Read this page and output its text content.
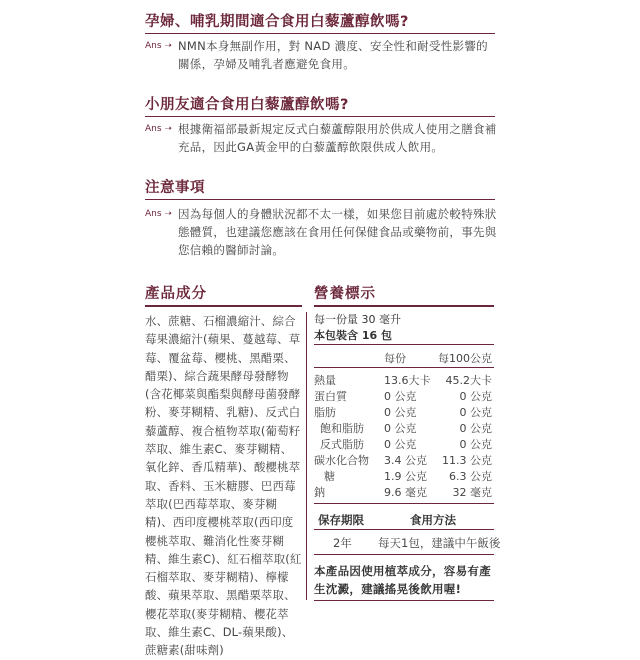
孕婦、哺乳期間適合食用白藜蘆醇飲嗎?
Ans ➝ NMN本身無副作用，對 NAD 濃度、安全性和耐受性影響的關係，孕婦及哺乳者應避免食用。
小朋友適合食用白藜蘆醇飲嗎?
Ans ➝ 根據衛福部最新規定反式白藜蘆醇限用於供成人使用之膳食補充品，因此GA黃金甲的白藜蘆醇飲限供成人飲用。
注意事項
Ans ➝ 因為每個人的身體狀況都不太一樣，如果您目前處於較特殊狀態體質，也建議您應該在食用任何保健食品或藥物前，事先與您信賴的醫師討論。
產品成分
水、蔗糖、石榴濃縮汁、綜合莓果濃縮汁(蘋果、蔓越莓、草莓、覆盆莓、櫻桃、黑醋栗、醋栗)、綜合蔬果酵母發酵物(含花椰菜與酯梨與酵母菌發酵粉、麥芽糊精、乳糖)、反式白藜蘆醇、複合植物萃取(葡萄籽萃取、維生素C、麥芽糊精、氧化鋅、香瓜精華)、酸櫻桃萃取、香料、玉米糖膠、巴西莓萃取(巴西莓萃取、麥芽糊精)、西印度櫻桃萃取(西印度櫻桃萃取、難消化性麥芽糊精、維生素C)、紅石榴萃取(紅石榴萃取、麥芽糊精)、檸檬酸、蘋果萃取、黑醋栗萃取、櫻花萃取(麥芽糊精、櫻花萃取、維生素C、DL-蘋果酸)、蔗糖素(甜味劑)
營養標示
每一份量 30 毫升
本包裝含 16 包
每份	每100公克
熱量	13.6大卡 45.2大卡
蛋白質	0 公克	0 公克
脂肪	0 公克	0 公克
飽和脂肪 0 公克	0 公克
反式脂肪 0 公克	0 公克
碳水化合物 3.4 公克 11.3 公克
糖	1.9 公克 6.3 公克
鈉	9.6 毫克 32 毫克
保存期限	食用方法
2年 每天1包，建議中午飯後
本產品因使用植萃成分，容易有產生沈澱，建議搖晃後飲用喔!
